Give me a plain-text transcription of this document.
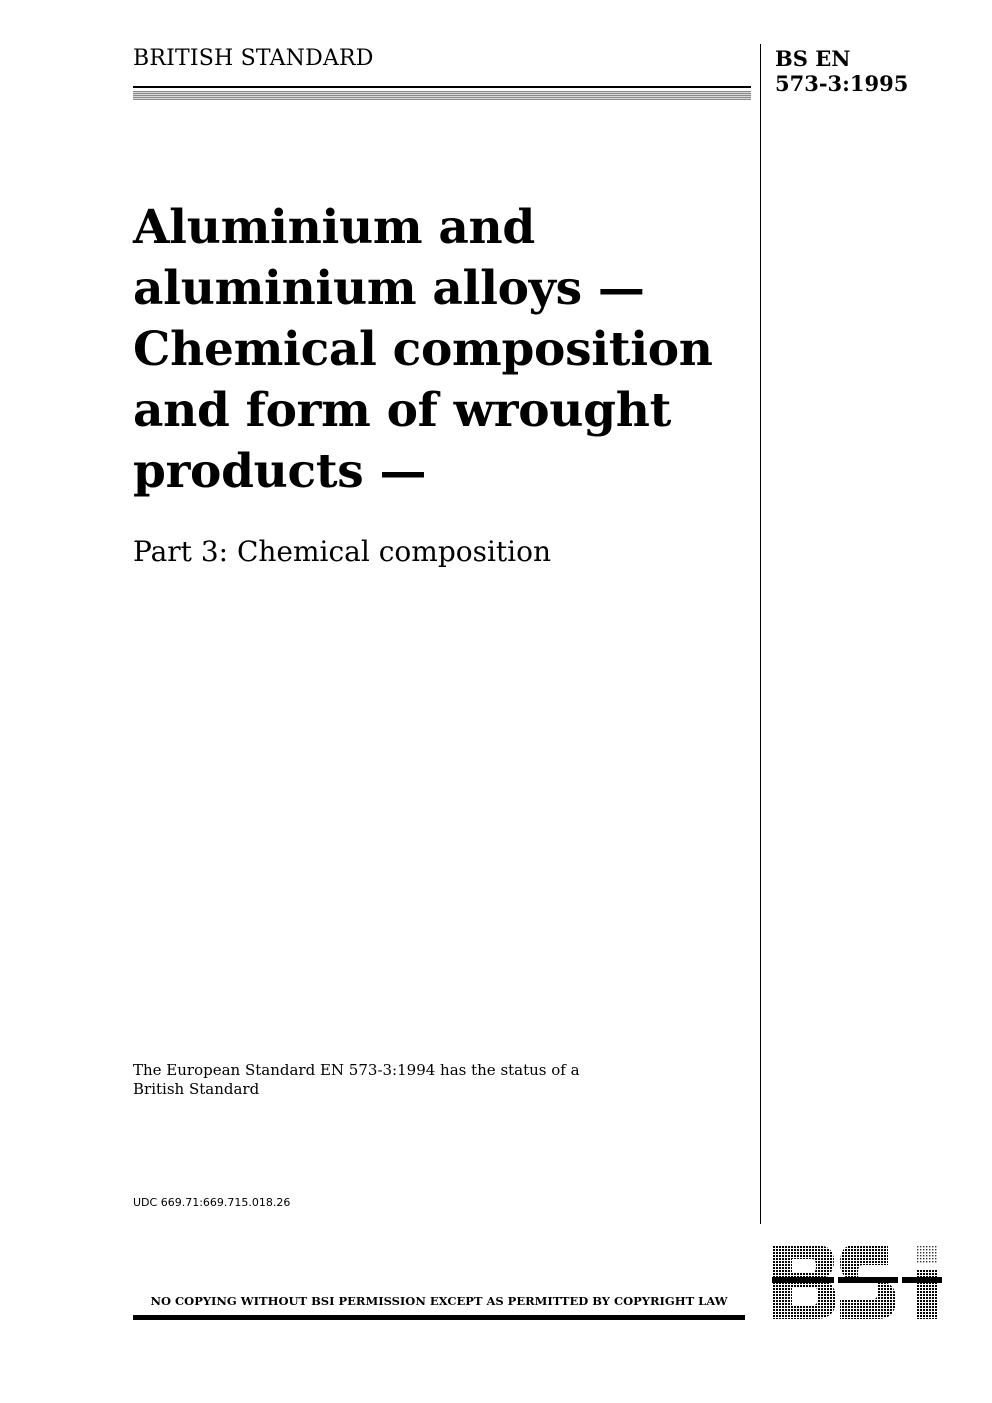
BRITISH STANDARD	BS EN
573-3:1995
Aluminium and
aluminium alloys —
Chemical composition
and form of wrought
products —
Part 3: Chemical composition
The European Standard EN 573-3:1994 has the status of a
British Standard
UDC 669.71:669.715.018.26
NO COPYING WITHOUT BSI PERMISSION EXCEPT AS PERMITTED BY COPYRIGHT LAW
